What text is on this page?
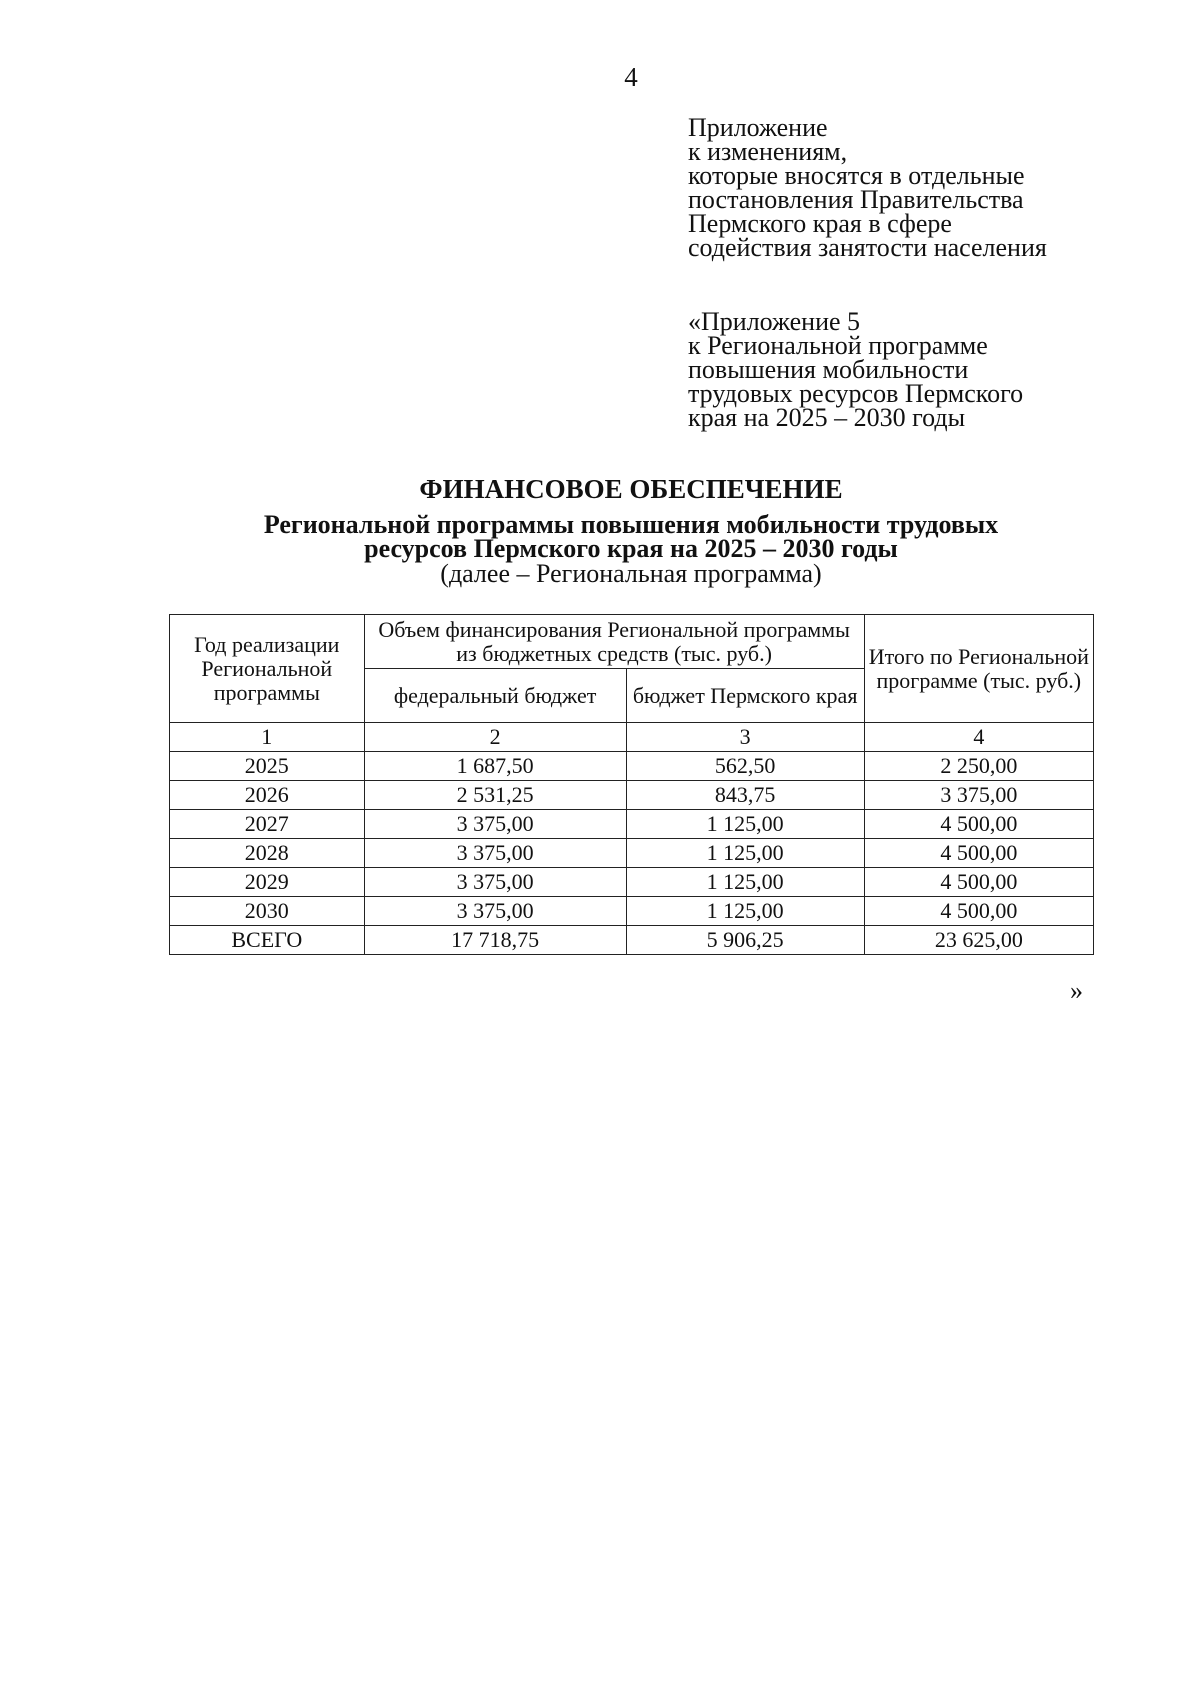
4
Приложение
к изменениям,
которые вносятся в отдельные
постановления Правительства
Пермского края в сфере
содействия занятости населения
«Приложение 5
к Региональной программе
повышения мобильности
трудовых ресурсов Пермского
края на 2025 – 2030 годы
ФИНАНСОВОЕ ОБЕСПЕЧЕНИЕ
Региональной программы повышения мобильности трудовых
ресурсов Пермского края на 2025 – 2030 годы
(далее – Региональная программа)
Год реализации Региональной программы	Объем финансирования Региональной программы из бюджетных средств (тыс. руб.)		Итого по Региональной программе (тыс. руб.)
	федеральный бюджет	бюджет Пермского края	
1	2	3	4
2025	1 687,50	562,50	2 250,00
2026	2 531,25	843,75	3 375,00
2027	3 375,00	1 125,00	4 500,00
2028	3 375,00	1 125,00	4 500,00
2029	3 375,00	1 125,00	4 500,00
2030	3 375,00	1 125,00	4 500,00
ВСЕГО	17 718,75	5 906,25	23 625,00
»
